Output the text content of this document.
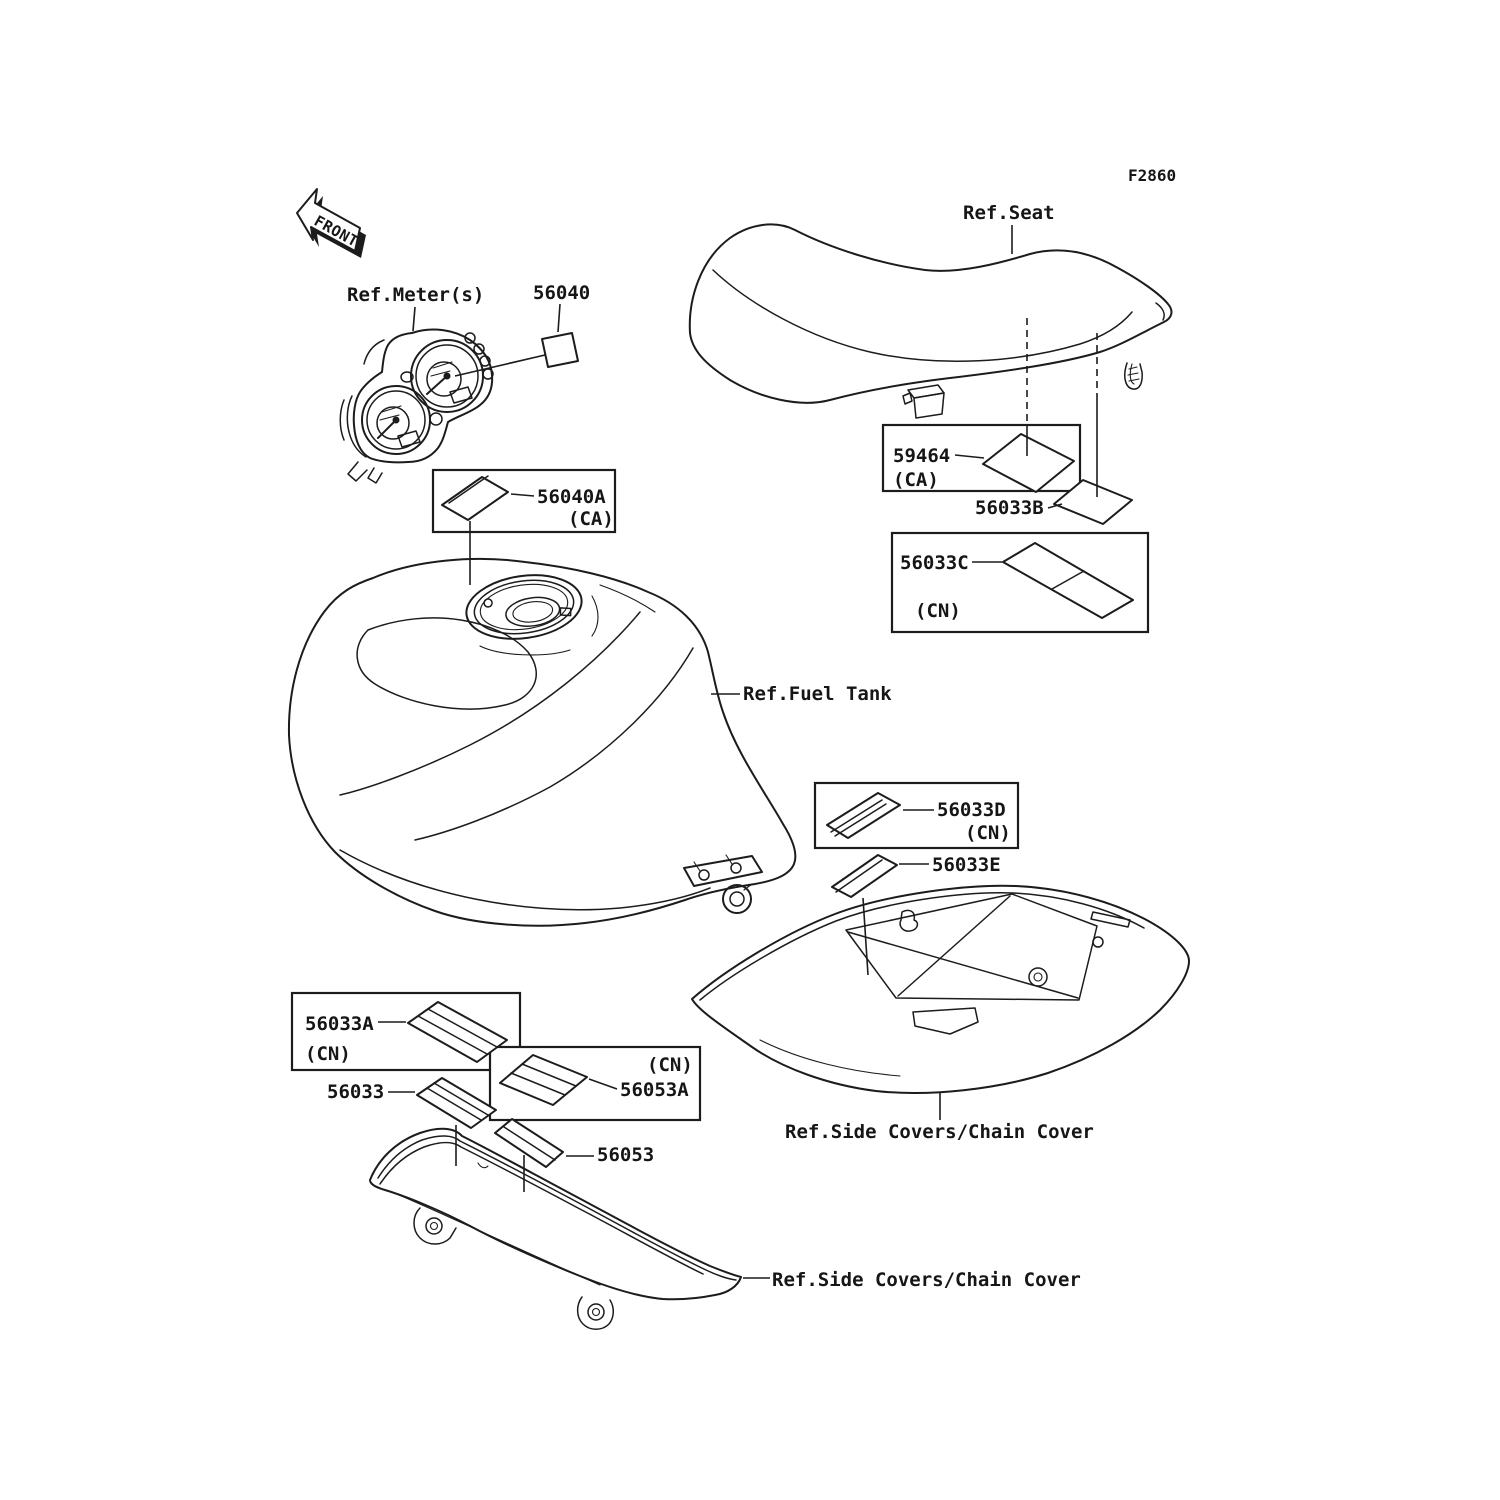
F2860
FRONT
Ref.Meter(s)	56040
Ref.Seat
59464
(CA)
56033B
56033C
(CN)
Ref.Fuel Tank
56040A
(CA)
Ref.Side Covers/Chain Cover
56033D
(CN)
56033E
Ref.Side Covers/Chain Cover
56033A
(CN)	(CN)
56053A
56033
56053
